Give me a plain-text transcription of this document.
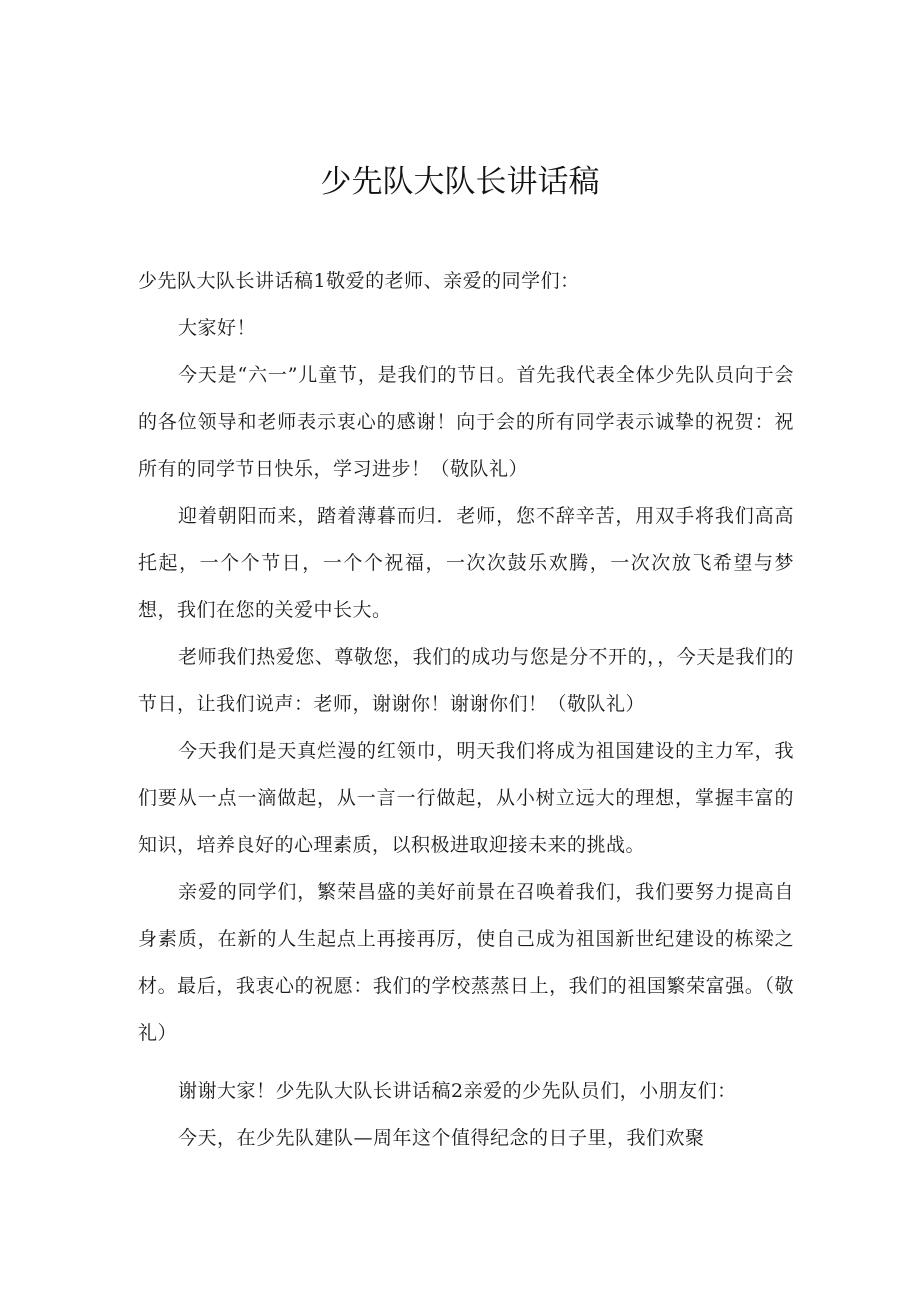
少先队大队长讲话稿

少先队大队长讲话稿1敬爱的老师、亲爱的同学们：

大家好！

今天是“六一”儿童节，是我们的节日。首先我代表全体少先队员向于会的各位领导和老师表示衷心的感谢！向于会的所有同学表示诚挚的祝贺：祝所有的同学节日快乐，学习进步！（敬队礼）

迎着朝阳而来，踏着薄暮而归．老师，您不辞辛苦，用双手将我们高高托起，一个个节日，一个个祝福，一次次鼓乐欢腾，一次次放飞希望与梦想，我们在您的关爱中长大。

老师我们热爱您、尊敬您，我们的成功与您是分不开的，，今天是我们的节日，让我们说声：老师，谢谢你！谢谢你们！（敬队礼）

今天我们是天真烂漫的红领巾，明天我们将成为祖国建设的主力军，我们要从一点一滴做起，从一言一行做起，从小树立远大的理想，掌握丰富的知识，培养良好的心理素质，以积极进取迎接未来的挑战。

亲爱的同学们，繁荣昌盛的美好前景在召唤着我们，我们要努力提高自身素质，在新的人生起点上再接再厉，使自己成为祖国新世纪建设的栋梁之材。最后，我衷心的祝愿：我们的学校蒸蒸日上，我们的祖国繁荣富强。（敬礼）

谢谢大家！少先队大队长讲话稿2亲爱的少先队员们，小朋友们：

今天，在少先队建队—周年这个值得纪念的日子里，我们欢聚
